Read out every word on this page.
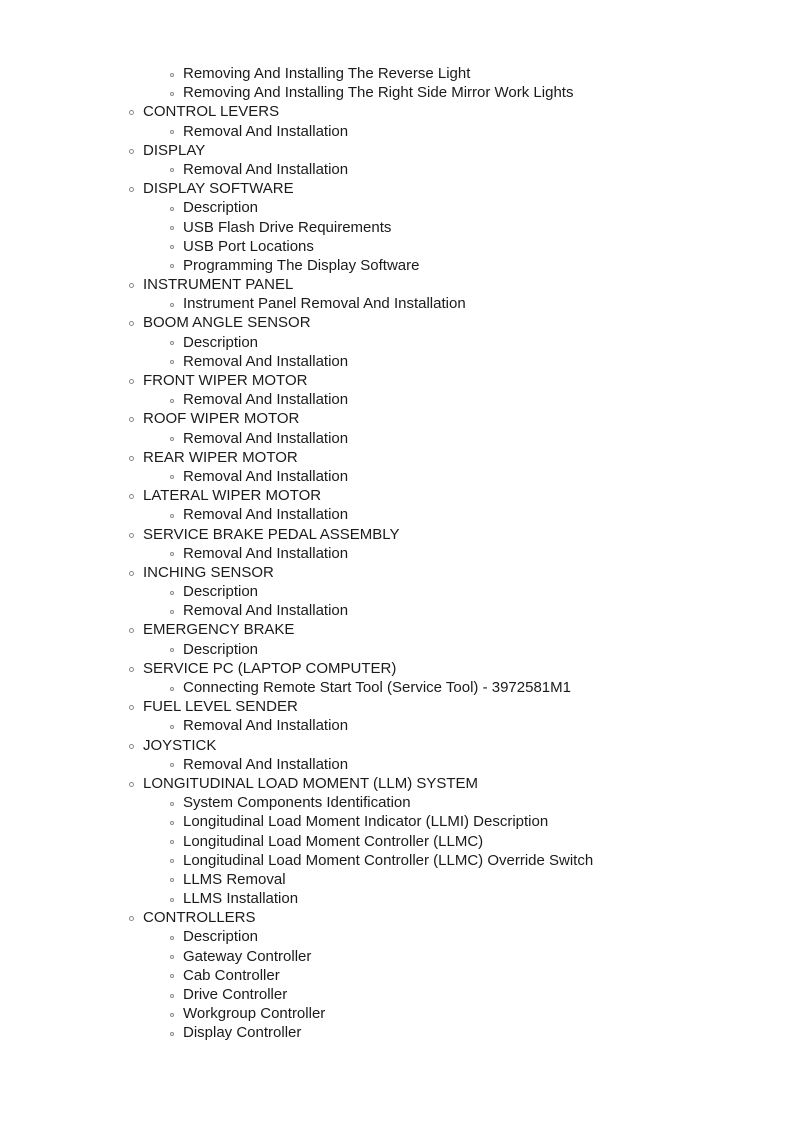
Removing And Installing The Reverse Light
Removing And Installing The Right Side Mirror Work Lights
CONTROL LEVERS
Removal And Installation
DISPLAY
Removal And Installation
DISPLAY SOFTWARE
Description
USB Flash Drive Requirements
USB Port Locations
Programming The Display Software
INSTRUMENT PANEL
Instrument Panel Removal And Installation
BOOM ANGLE SENSOR
Description
Removal And Installation
FRONT WIPER MOTOR
Removal And Installation
ROOF WIPER MOTOR
Removal And Installation
REAR WIPER MOTOR
Removal And Installation
LATERAL WIPER MOTOR
Removal And Installation
SERVICE BRAKE PEDAL ASSEMBLY
Removal And Installation
INCHING SENSOR
Description
Removal And Installation
EMERGENCY BRAKE
Description
SERVICE PC (LAPTOP COMPUTER)
Connecting Remote Start Tool (Service Tool) - 3972581M1
FUEL LEVEL SENDER
Removal And Installation
JOYSTICK
Removal And Installation
LONGITUDINAL LOAD MOMENT (LLM) SYSTEM
System Components Identification
Longitudinal Load Moment Indicator (LLMI) Description
Longitudinal Load Moment Controller (LLMC)
Longitudinal Load Moment Controller (LLMC) Override Switch
LLMS Removal
LLMS Installation
CONTROLLERS
Description
Gateway Controller
Cab Controller
Drive Controller
Workgroup Controller
Display Controller
